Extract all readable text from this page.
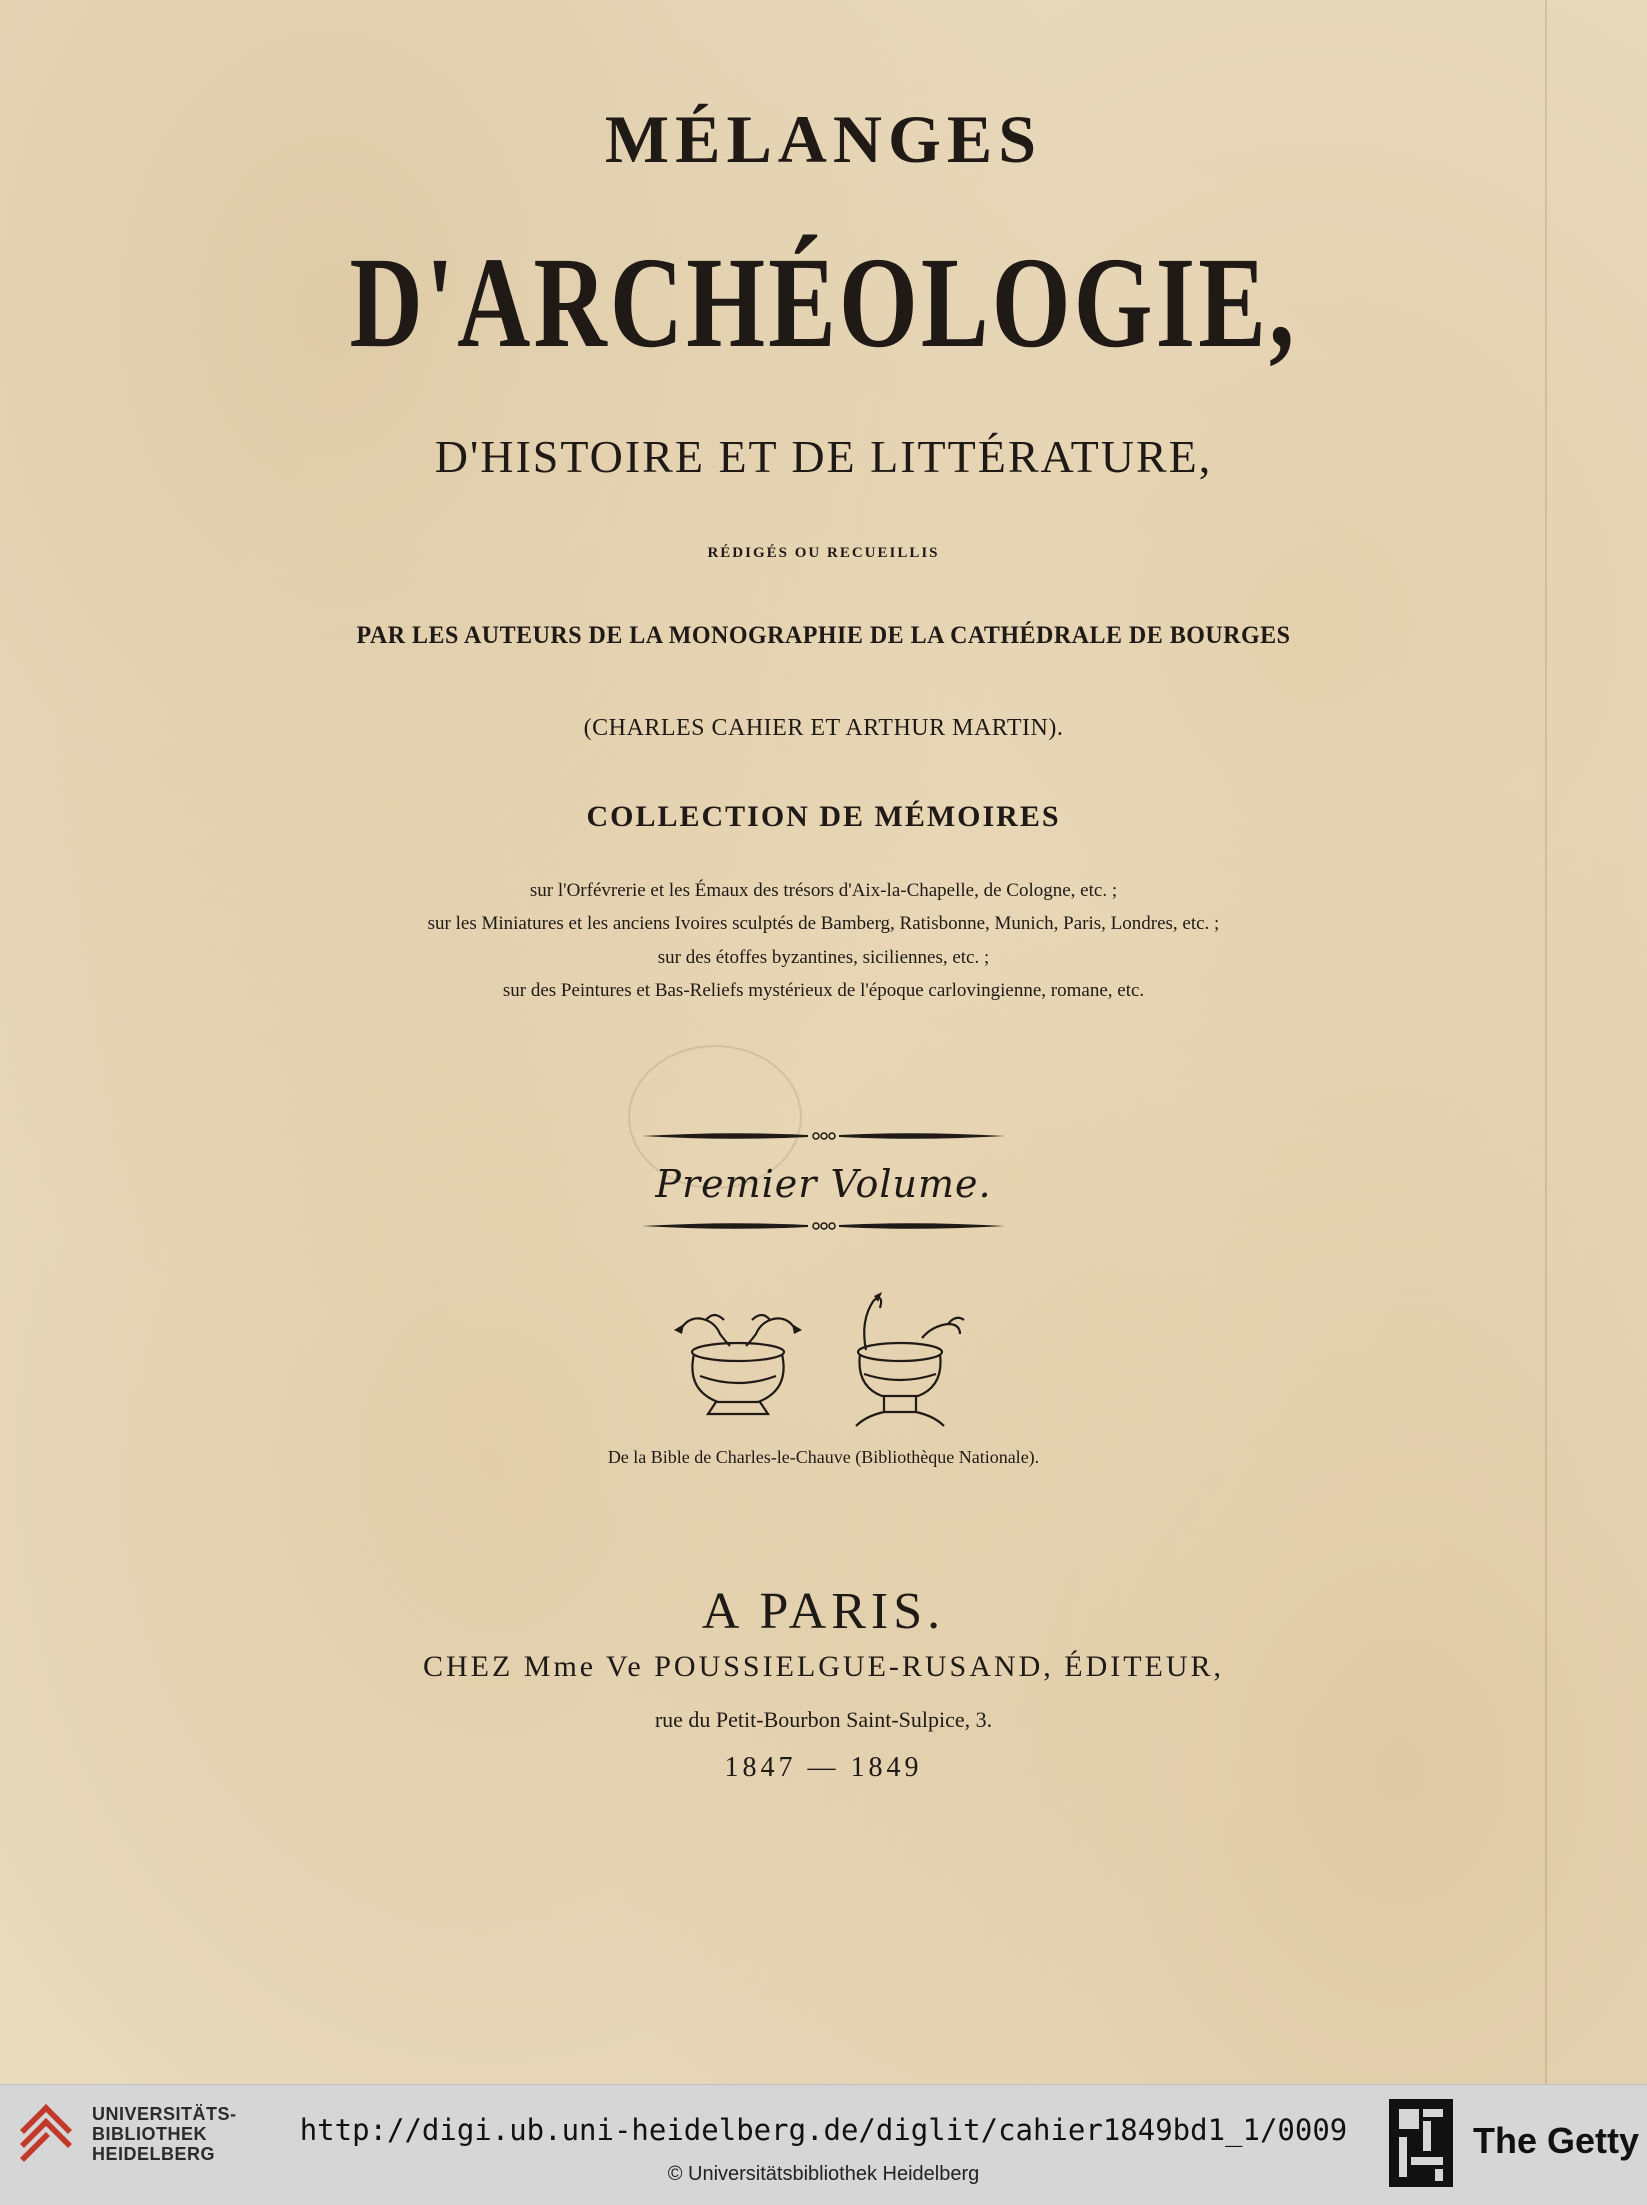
MÉLANGES
D'ARCHÉOLOGIE,
D'HISTOIRE ET DE LITTÉRATURE,
RÉDIGÉS OU RECUEILLIS
PAR LES AUTEURS DE LA MONOGRAPHIE DE LA CATHÉDRALE DE BOURGES
(CHARLES CAHIER ET ARTHUR MARTIN).
COLLECTION DE MÉMOIRES
sur l'Orfévrerie et les Émaux des trésors d'Aix-la-Chapelle, de Cologne, etc. ;
sur les Miniatures et les anciens Ivoires sculptés de Bamberg, Ratisbonne, Munich, Paris, Londres, etc. ;
sur des étoffes byzantines, siciliennes, etc. ;
sur des Peintures et Bas-Reliefs mystérieux de l'époque carlovingienne, romane, etc.
Premier Volume.
De la Bible de Charles-le-Chauve (Bibliothèque Nationale).
A PARIS.
CHEZ Mme Ve POUSSIELGUE-RUSAND, ÉDITEUR,
rue du Petit-Bourbon Saint-Sulpice, 3.
1847 — 1849
UNIVERSITÄTS-
BIBLIOTHEK
HEIDELBERG
http://digi.ub.uni-heidelberg.de/diglit/cahier1849bd1_1/0009
© Universitätsbibliothek Heidelberg
The Getty
